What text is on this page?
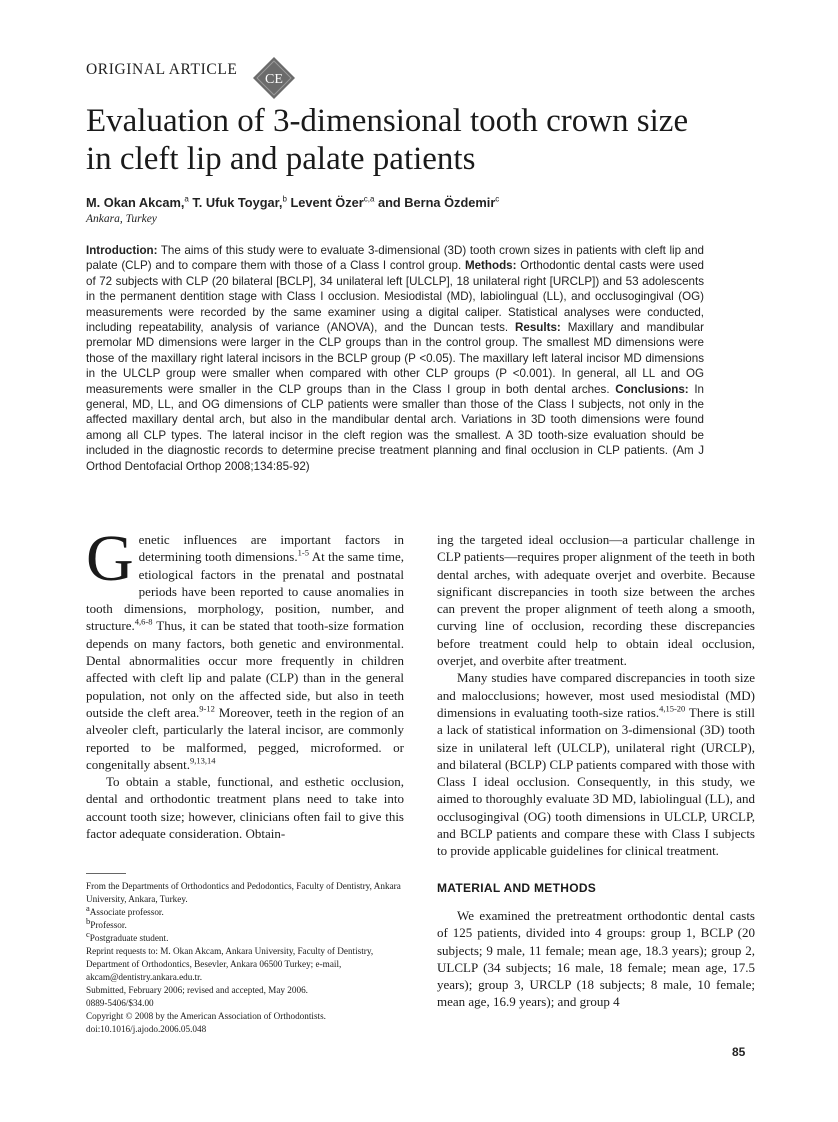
ORIGINAL ARTICLE
CE
Evaluation of 3-dimensional tooth crown size
in cleft lip and palate patients
M. Okan Akcam,$^a$ T. Ufuk Toygar,$^b$ Levent Özer$^{c,a}$ and Berna Özdemir$^c$
Ankara, Turkey
Introduction: The aims of this study were to evaluate 3-dimensional (3D) tooth crown sizes in patients with cleft lip and palate (CLP) and to compare them with those of a Class I control group. Methods: Orthodontic dental casts were used of 72 subjects with CLP (20 bilateral [BCLP], 34 unilateral left [ULCLP], 18 unilateral right [URCLP]) and 53 adolescents in the permanent dentition stage with Class I occlusion. Mesiodistal (MD), labiolingual (LL), and occlusogingival (OG) measurements were recorded by the same examiner using a digital caliper. Statistical analyses were conducted, including repeatability, analysis of variance (ANOVA), and the Duncan tests. Results: Maxillary and mandibular premolar MD dimensions were larger in the CLP groups than in the control group. The smallest MD dimensions were those of the maxillary right lateral incisors in the BCLP group (P <0.05). The maxillary left lateral incisor MD dimensions in the ULCLP group were smaller when compared with other CLP groups (P <0.001). In general, all LL and OG measurements were smaller in the CLP groups than in the Class I group in both dental arches. Conclusions: In general, MD, LL, and OG dimensions of CLP patients were smaller than those of the Class I subjects, not only in the affected maxillary dental arch, but also in the mandibular dental arch. Variations in 3D tooth dimensions were found among all CLP types. The lateral incisor in the cleft region was the smallest. A 3D tooth-size evaluation should be included in the diagnostic records to determine precise treatment planning and final occlusion in CLP patients. (Am J Orthod Dentofacial Orthop 2008;134:85-92)

Genetic influences are important factors in determining tooth dimensions.$^{1-5}$ At the same time, etiological factors in the prenatal and postnatal periods have been reported to cause anomalies in tooth dimensions, morphology, position, number, and structure.$^{4,6-8}$ Thus, it can be stated that tooth-size formation depends on many factors, both genetic and environmental. Dental abnormalities occur more frequently in children affected with cleft lip and palate (CLP) than in the general population, not only on the affected side, but also in teeth outside the cleft area.$^{9-12}$ Moreover, teeth in the region of an alveoler cleft, particularly the lateral incisor, are commonly reported to be malformed, pegged, microformed. or congenitally absent.$^{9,13,14}$

To obtain a stable, functional, and esthetic occlusion, dental and orthodontic treatment plans need to take into account tooth size; however, clinicians often fail to give this factor adequate consideration. Obtain-

From the Departments of Orthodontics and Pedodontics, Faculty of Dentistry, Ankara University, Ankara, Turkey.
$^a$Associate professor.
$^b$Professor.
$^c$Postgraduate student.
Reprint requests to: M. Okan Akcam, Ankara University, Faculty of Dentistry, Department of Orthodontics, Besevler, Ankara 06500 Turkey; e-mail, akcam@dentistry.ankara.edu.tr.
Submitted, February 2006; revised and accepted, May 2006.
0889-5406/$34.00
Copyright © 2008 by the American Association of Orthodontists.
doi:10.1016/j.ajodo.2006.05.048

ing the targeted ideal occlusion—a particular challenge in CLP patients—requires proper alignment of the teeth in both dental arches, with adequate overjet and overbite. Because significant discrepancies in tooth size between the arches can prevent the proper alignment of teeth along a smooth, curving line of occlusion, recording these discrepancies before treatment could help to obtain ideal occlusion, overjet, and overbite after treatment.

Many studies have compared discrepancies in tooth size and malocclusions; however, most used mesiodistal (MD) dimensions in evaluating tooth-size ratios.$^{4,15-20}$ There is still a lack of statistical information on 3-dimensional (3D) tooth size in unilateral left (ULCLP), unilateral right (URCLP), and bilateral (BCLP) CLP patients compared with those with Class I ideal occlusion. Consequently, in this study, we aimed to thoroughly evaluate 3D MD, labiolingual (LL), and occlusogingival (OG) tooth dimensions in ULCLP, URCLP, and BCLP patients and compare these with Class I subjects to provide applicable guidelines for clinical treatment.

MATERIAL AND METHODS

We examined the pretreatment orthodontic dental casts of 125 patients, divided into 4 groups: group 1, BCLP (20 subjects; 9 male, 11 female; mean age, 18.3 years); group 2, ULCLP (34 subjects; 16 male, 18 female; mean age, 17.5 years); group 3, URCLP (18 subjects; 8 male, 10 female; mean age, 16.9 years); and group 4

85
